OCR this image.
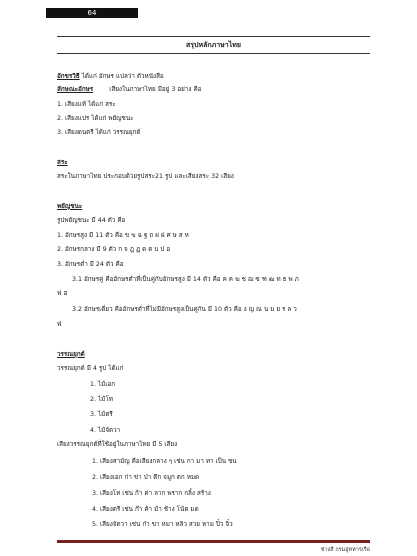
64
สรุปหลักภาษาไทย
อักขรวิธี ได้แก่ อักษร แปลว่า ตัวหนังสือ
ลักษณะอักษร	เสียงในภาษาไทย มีอยู่ 3 อย่าง คือ
1. เสียงแท้ ได้แก่ สระ
2. เสียงแปร ได้แก่ พยัญชนะ
3. เสียงดนตรี ได้แก่ วรรณยุกต์
สระ
สระในภาษาไทย ประกอบด้วยรูปสระ21 รูป และเสียงสระ 32 เสียง
พยัญชนะ
รูปพยัญชนะ มี 44 ตัว คือ
1. อักษรสูง มี 11 ตัว คือ ข ฃ ฉ ฐ ถ ผ ฝ ศ ษ ส ห
2. อักษรกลาง มี 9 ตัว ก จ ฎ ฏ ด ต บ ป อ
3. อักษรต่ำ มี 24 ตัว คือ
3.1 อักษรคู่ คืออักษรต่ำที่เป็นคู่กับอักษรสูง มี 14 ตัว คือ ค ฅ ฆ ช ฌ ซ ฑ ฒ ท ธ พ ภ
ฟ ฮ
3.2 อักษรเดี่ยว คืออักษรต่ำที่ไม่มีอักษรสูงเป็นคู่กัน มี 10 ตัว คือ ง ญ ณ น ม ย ร ล ว
ฬ
วรรณยุกต์
วรรณยุกต์ มี 4 รูป ได้แก่
1. ไม้เอก
2. ไม้โท
3. ไม้ตรี
4. ไม้จัตวา
เสียงวรรณยุกต์ที่ใช้อยู่ในภาษาไทย มี 5 เสียง
1. เสียงสามัญ คือเสียงกลาง ๆ เช่น กา มา ทา เป็น ชน
2. เสียงเอก ก่า ข่า ป่า ตึก จมูก ตก หมด
3. เสียงโท เช่น ก้า ค่า ลาก พราก กลิ้ง สร้าง
4. เสียงตรี เช่น ก๊า ค้า ม้า ช้าง โน้ต มด
5. เสียงจัตวา เช่น ก๋า ขา หมา หลิว สวย หาม ปิ๋ว จิ๋ว
ช่างสี กรมอู่ทหารเรือ
